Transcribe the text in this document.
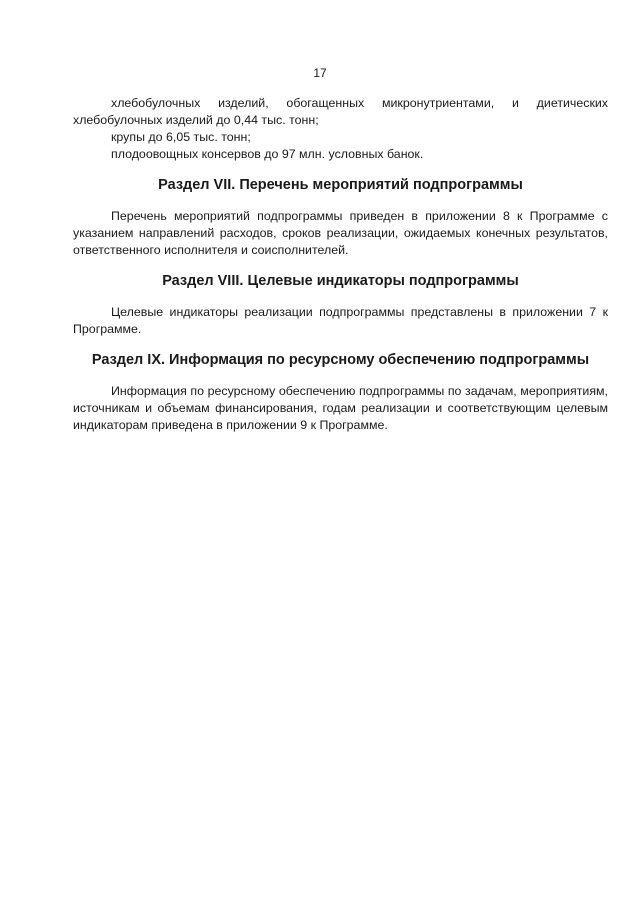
17

хлебобулочных изделий, обогащенных микронутриентами, и диетических хлебобулочных изделий до 0,44 тыс. тонн;

крупы до 6,05 тыс. тонн;

плодоовощных консервов до 97 млн. условных банок.

Раздел VII. Перечень мероприятий подпрограммы

Перечень мероприятий подпрограммы приведен в приложении 8 к Программе с указанием направлений расходов, сроков реализации, ожидаемых конечных результатов, ответственного исполнителя и соисполнителей.

Раздел VIII. Целевые индикаторы подпрограммы

Целевые индикаторы реализации подпрограммы представлены в приложении 7 к Программе.

Раздел IX. Информация по ресурсному обеспечению подпрограммы

Информация по ресурсному обеспечению подпрограммы по задачам, мероприятиям, источникам и объемам финансирования, годам реализации и соответствующим целевым индикаторам приведена в приложении 9 к Программе.
